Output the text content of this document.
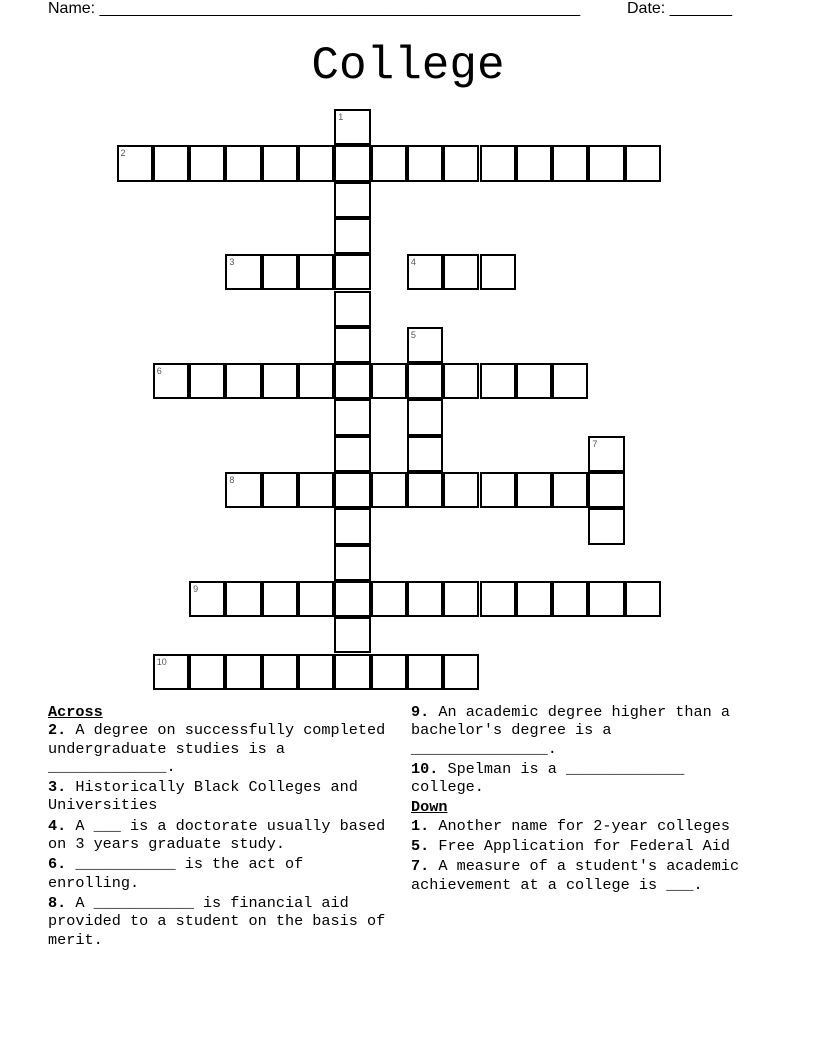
Name: ______________________________________________________	Date: _______
College
1
2
3	4
5
6
7
8
9
10

Across

2. A degree on successfully completed undergraduate studies is a _____________.

3. Historically Black Colleges and Universities

4. A ___ is a doctorate usually based on 3 years graduate study.

6. ___________ is the act of enrolling.

8. A ___________ is financial aid provided to a student on the basis of merit.

9. An academic degree higher than a bachelor's degree is a _______________.

10. Spelman is a _____________ college.

Down

1. Another name for 2-year colleges

5. Free Application for Federal Aid

7. A measure of a student's academic achievement at a college is ___.
